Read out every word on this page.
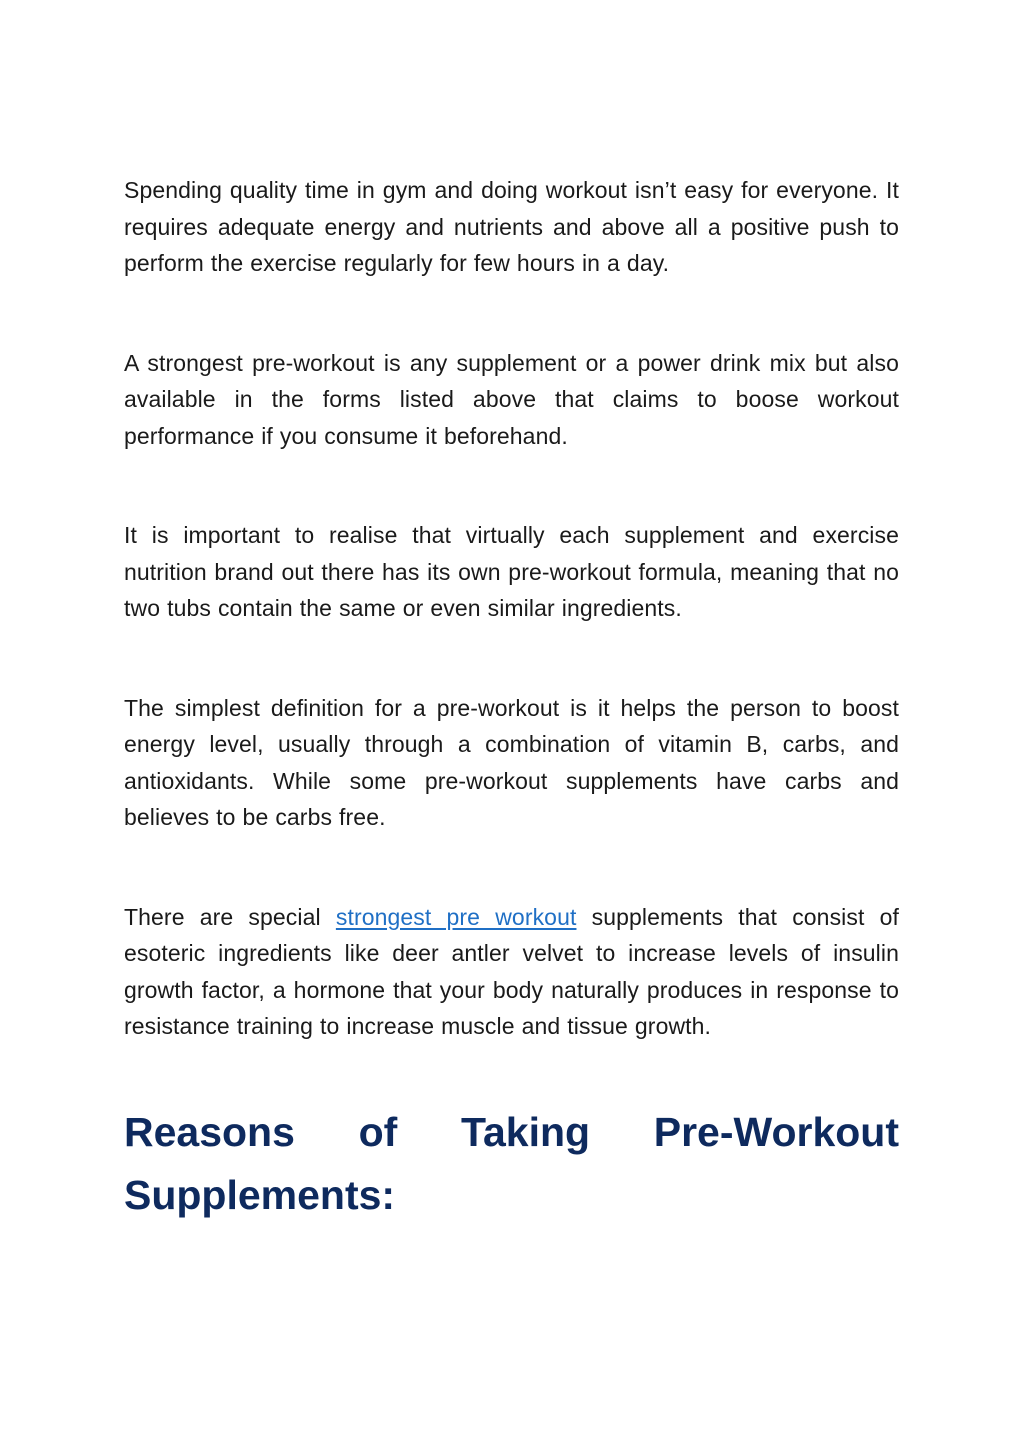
Spending quality time in gym and doing workout isn’t easy for everyone. It requires adequate energy and nutrients and above all a positive push to perform the exercise regularly for few hours in a day.

A strongest pre-workout is any supplement or a power drink mix but also available in the forms listed above that claims to boose workout performance if you consume it beforehand.

It is important to realise that virtually each supplement and exercise nutrition brand out there has its own pre-workout formula, meaning that no two tubs contain the same or even similar ingredients.

The simplest definition for a pre-workout is it helps the person to boost energy level, usually through a combination of vitamin B, carbs, and antioxidants. While some pre-workout supplements have carbs and believes to be carbs free.

There are special strongest pre workout supplements that consist of esoteric ingredients like deer antler velvet to increase levels of insulin growth factor, a hormone that your body naturally produces in response to resistance training to increase muscle and tissue growth.

Reasons of Taking Pre-Workout
Supplements:
